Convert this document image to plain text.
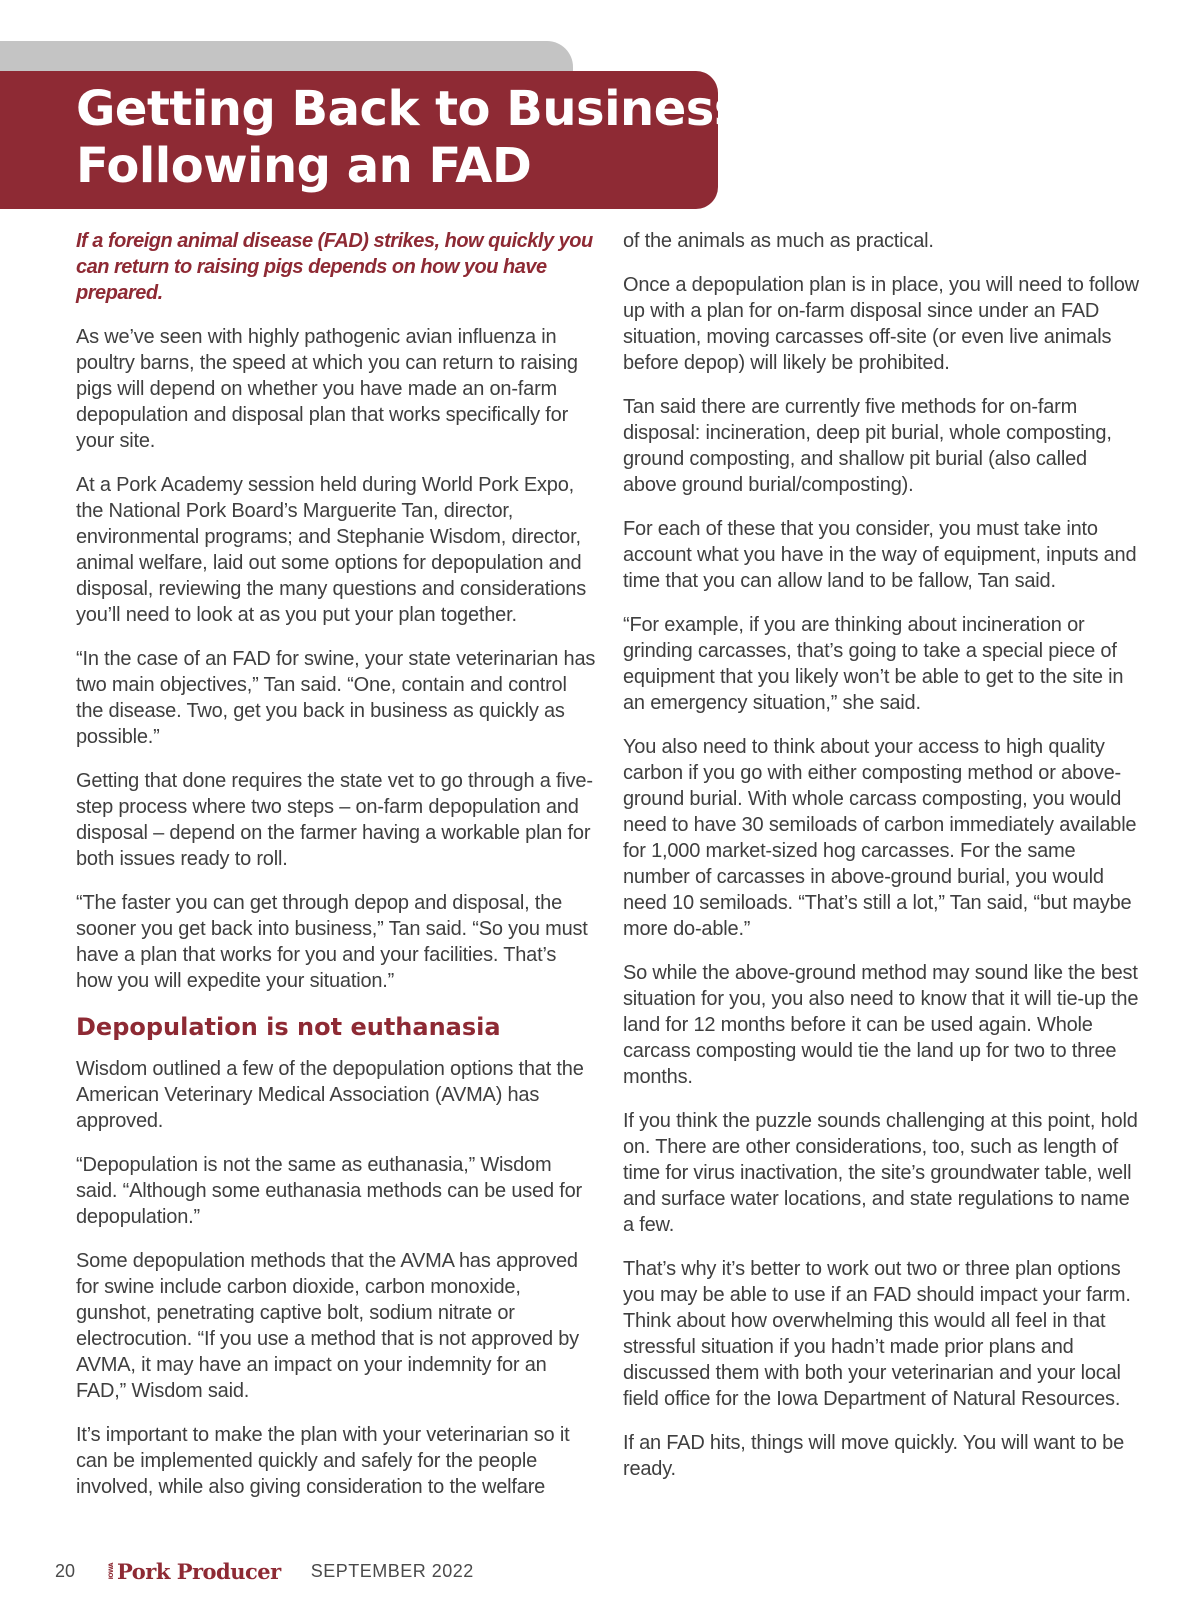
Getting Back to Business
Following an FAD

If a foreign animal disease (FAD) strikes, how quickly you can return to raising pigs depends on how you have prepared.

As we’ve seen with highly pathogenic avian influenza in poultry barns, the speed at which you can return to raising pigs will depend on whether you have made an on-farm depopulation and disposal plan that works specifically for your site.

At a Pork Academy session held during World Pork Expo, the National Pork Board’s Marguerite Tan, director, environmental programs; and Stephanie Wisdom, director, animal welfare, laid out some options for depopulation and disposal, reviewing the many questions and considerations you’ll need to look at as you put your plan together.

“In the case of an FAD for swine, your state veterinarian has two main objectives,” Tan said. “One, contain and control the disease. Two, get you back in business as quickly as possible.”

Getting that done requires the state vet to go through a five-step process where two steps – on-farm depopulation and disposal – depend on the farmer having a workable plan for both issues ready to roll.

“The faster you can get through depop and disposal, the sooner you get back into business,” Tan said. “So you must have a plan that works for you and your facilities. That’s how you will expedite your situation.”

Depopulation is not euthanasia

Wisdom outlined a few of the depopulation options that the American Veterinary Medical Association (AVMA) has approved.

“Depopulation is not the same as euthanasia,” Wisdom said. “Although some euthanasia methods can be used for depopulation.”

Some depopulation methods that the AVMA has approved for swine include carbon dioxide, carbon monoxide, gunshot, penetrating captive bolt, sodium nitrate or electrocution. “If you use a method that is not approved by AVMA, it may have an impact on your indemnity for an FAD,” Wisdom said.

It’s important to make the plan with your veterinarian so it can be implemented quickly and safely for the people involved, while also giving consideration to the welfare

of the animals as much as practical.

Once a depopulation plan is in place, you will need to follow up with a plan for on-farm disposal since under an FAD situation, moving carcasses off-site (or even live animals before depop) will likely be prohibited.

Tan said there are currently five methods for on-farm disposal: incineration, deep pit burial, whole composting, ground composting, and shallow pit burial (also called above ground burial/composting).

For each of these that you consider, you must take into account what you have in the way of equipment, inputs and time that you can allow land to be fallow, Tan said.

“For example, if you are thinking about incineration or grinding carcasses, that’s going to take a special piece of equipment that you likely won’t be able to get to the site in an emergency situation,” she said.

You also need to think about your access to high quality carbon if you go with either composting method or above-ground burial. With whole carcass composting, you would need to have 30 semiloads of carbon immediately available for 1,000 market-sized hog carcasses. For the same number of carcasses in above-ground burial, you would need 10 semiloads. “That’s still a lot,” Tan said, “but maybe more do-able.”

So while the above-ground method may sound like the best situation for you, you also need to know that it will tie-up the land for 12 months before it can be used again. Whole carcass composting would tie the land up for two to three months.

If you think the puzzle sounds challenging at this point, hold on. There are other considerations, too, such as length of time for virus inactivation, the site’s groundwater table, well and surface water locations, and state regulations to name a few.

That’s why it’s better to work out two or three plan options you may be able to use if an FAD should impact your farm. Think about how overwhelming this would all feel in that stressful situation if you hadn’t made prior plans and discussed them with both your veterinarian and your local field office for the Iowa Department of Natural Resources.

If an FAD hits, things will move quickly. You will want to be ready.

20	IOWA Pork Producer SEPTEMBER 2022
